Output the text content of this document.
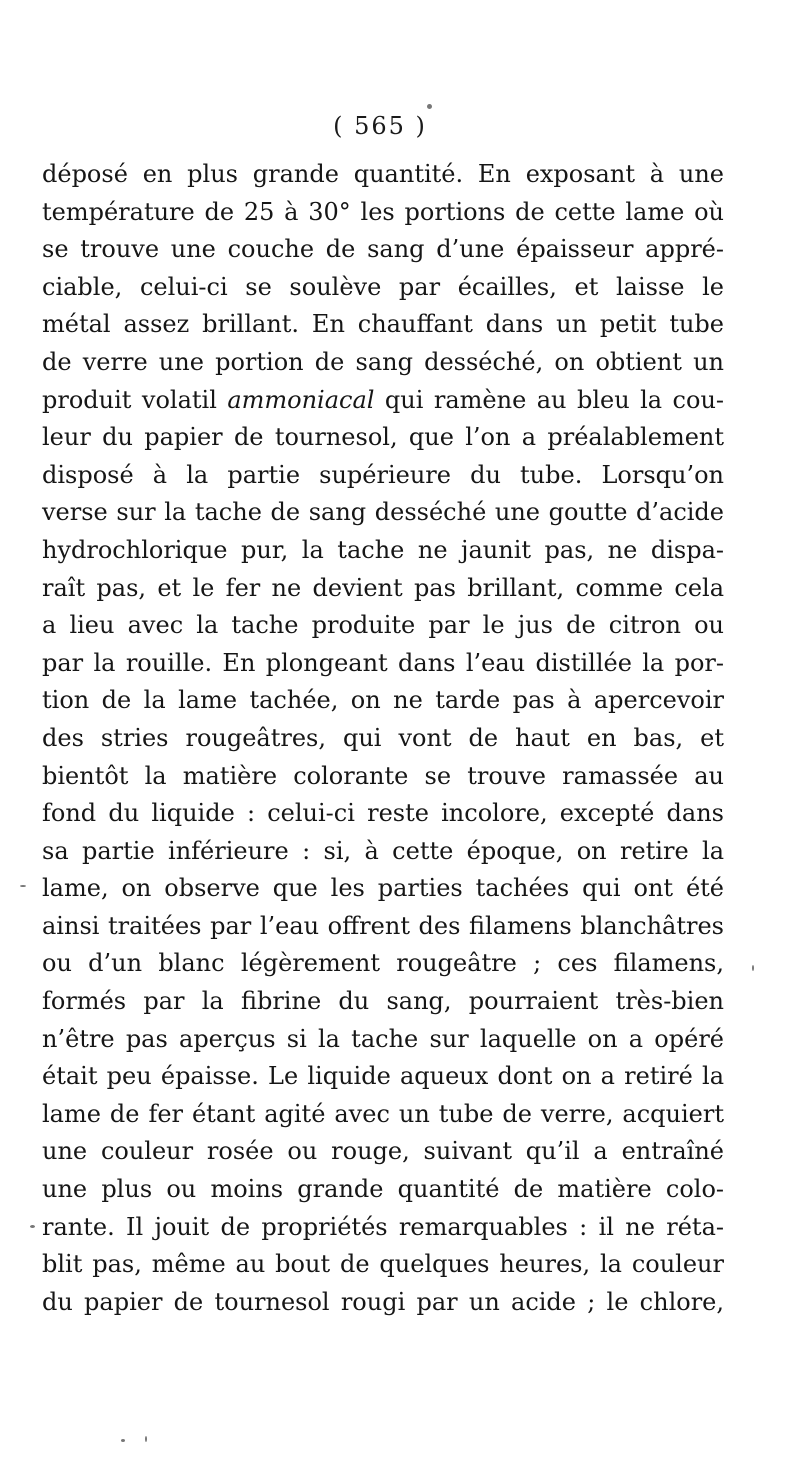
( 565 )
déposé en plus grande quantité. En exposant à une
température de 25 à 30° les portions de cette lame où
se trouve une couche de sang d’une épaisseur appré-
ciable, celui-ci se soulève par écailles, et laisse le
métal assez brillant. En chauffant dans un petit tube
de verre une portion de sang desséché, on obtient un
produit volatil ammoniacal qui ramène au bleu la cou-
leur du papier de tournesol, que l’on a préalablement
disposé à la partie supérieure du tube. Lorsqu’on
verse sur la tache de sang desséché une goutte d’acide
hydrochlorique pur, la tache ne jaunit pas, ne dispa-
raît pas, et le fer ne devient pas brillant, comme cela
a lieu avec la tache produite par le jus de citron ou
par la rouille. En plongeant dans l’eau distillée la por-
tion de la lame tachée, on ne tarde pas à apercevoir
des stries rougeâtres, qui vont de haut en bas, et
bientôt la matière colorante se trouve ramassée au
fond du liquide : celui-ci reste incolore, excepté dans
sa partie inférieure : si, à cette époque, on retire la
lame, on observe que les parties tachées qui ont été
ainsi traitées par l’eau offrent des filamens blanchâtres
ou d’un blanc légèrement rougeâtre ; ces filamens,
formés par la fibrine du sang, pourraient très-bien
n’être pas aperçus si la tache sur laquelle on a opéré
était peu épaisse. Le liquide aqueux dont on a retiré la
lame de fer étant agité avec un tube de verre, acquiert
une couleur rosée ou rouge, suivant qu’il a entraîné
une plus ou moins grande quantité de matière colo-
rante. Il jouit de propriétés remarquables : il ne réta-
blit pas, même au bout de quelques heures, la couleur
du papier de tournesol rougi par un acide ; le chlore,
